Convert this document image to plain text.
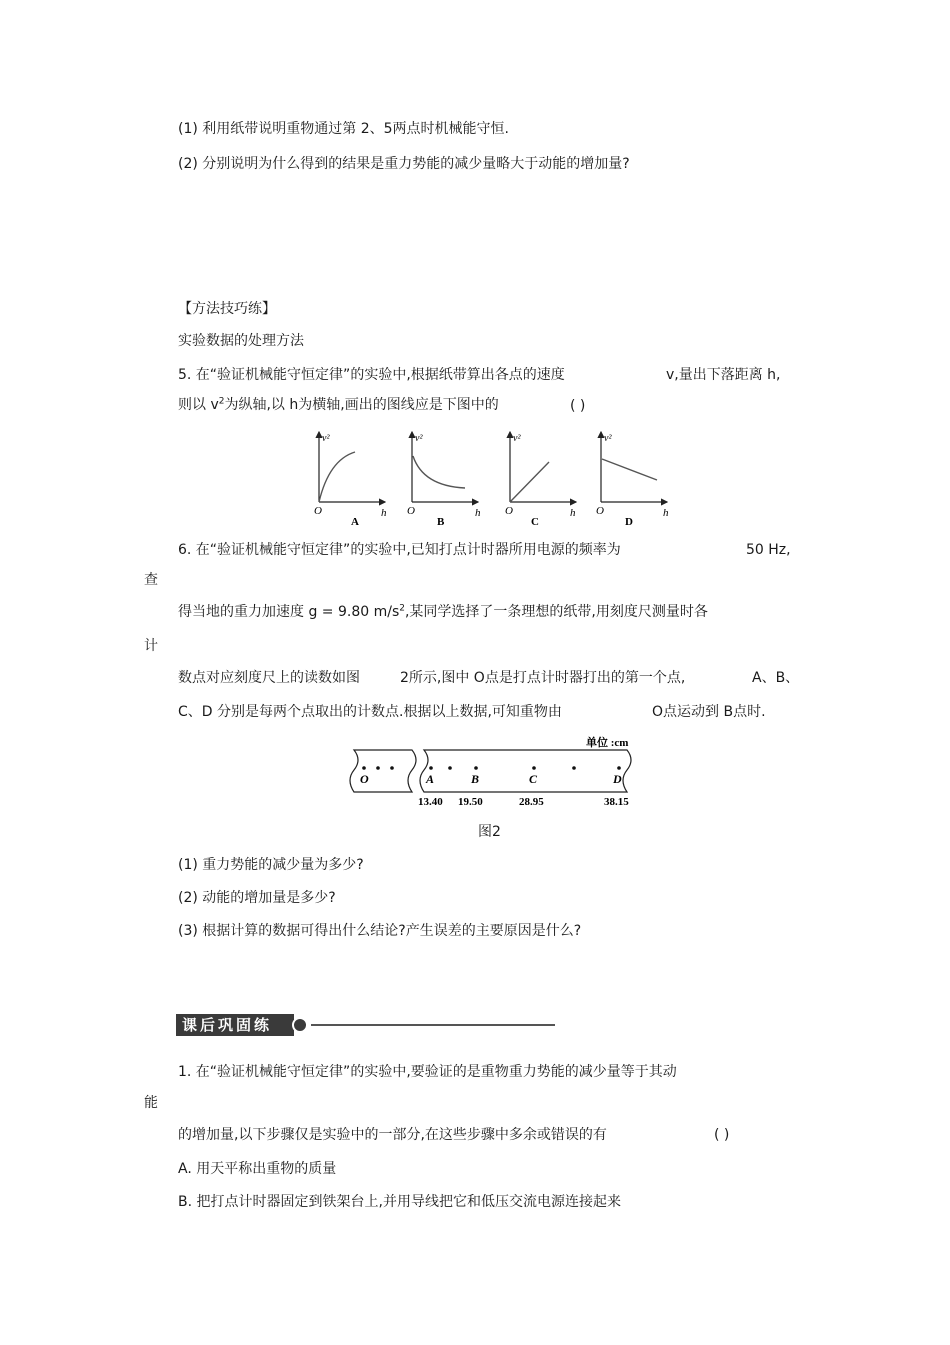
(1) 利用纸带说明重物通过第 2、5两点时机械能守恒.
(2) 分别说明为什么得到的结果是重力势能的减少量略大于动能的增加量?
【方法技巧练】
实验数据的处理方法
5. 在“验证机械能守恒定律”的实验中,根据纸带算出各点的速度	v,量出下落距离 h,
则以 $v^2$为纵轴,以 h为横轴,画出的图线应是下图中的	( )
v²
h
O
A
v²
h
O
B
v²
h
O
C
v²
h
O
D
6. 在“验证机械能守恒定律”的实验中,已知打点计时器所用电源的频率为	50 Hz,
查
得当地的重力加速度 g = 9.80 $m/s^2$,某同学选择了一条理想的纸带,用刻度尺测量时各
计
数点对应刻度尺上的读数如图	2所示,图中 O点是打点计时器打出的第一个点,	A、B、
C、D 分别是每两个点取出的计数点.根据以上数据,可知重物由	O点运动到 B点时.
O	A	B	C	D
单位 :cm
13.40 19.50	28.95	38.15
图2
(1) 重力势能的减少量为多少?
(2) 动能的增加量是多少?
(3) 根据计算的数据可得出什么结论?产生误差的主要原因是什么?
课后巩固练
1. 在“验证机械能守恒定律”的实验中,要验证的是重物重力势能的减少量等于其动
能
的增加量,以下步骤仅是实验中的一部分,在这些步骤中多余或错误的有	( )
A. 用天平称出重物的质量
B. 把打点计时器固定到铁架台上,并用导线把它和低压交流电源连接起来
